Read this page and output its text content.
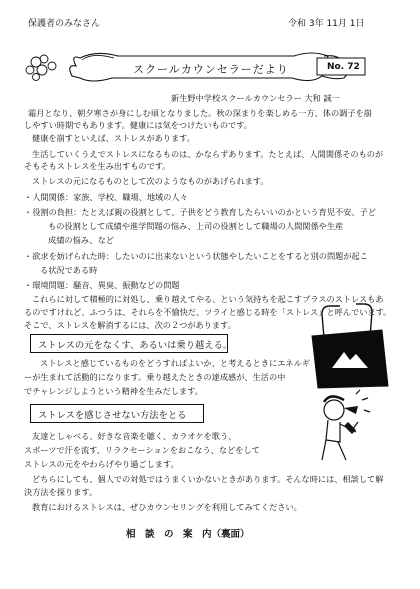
保護者のみなさん	令和 3年 11月 1日
スクールカウンセラーだより	No. 72
新生野中学校スクールカウンセラー 大和 誠一
霜月となり、朝夕寒さが身にしむ頃となりました。秋の深まりを楽しめる一方、体の調子を崩
しやすい時期でもあります。健康には気をつけたいものです。
健康を崩すといえば、ストレスがあります。
生活していくうえでストレスになるものは、かならずあります。たとえば、人間関係そのものが
そもそもストレスを生み出すものです。
ストレスの元になるものとして次のようなものがあげられます。
・人間関係：家族、学校、職場、地域の人々
・役割の負担：たとえば親の役割として、子供をどう教育したらいいのかという育児不安、子ど
もの役割として成績や進学問題の悩み、上司の役割として職場の人間関係や生産
成績の悩み、など
・欲求を妨げられた時：したいのに出来ないという状態やしたいことをすると別の問題が起こ
る状況である時
・環境問題：騒音、異臭、振動などの問題
これらに対して積極的に対処し、乗り越えてやる、という気持ちを起こすプラスのストレスもあ
るのですけれど、ふつうは、それらを不愉快だ、ツライと感じる時を「ストレス」と呼んでいます。
そこで、ストレスを解消するには、次の２つがあります。
ストレスの元をなくす、あるいは乗り越える。
ストレスと感じているものをどうすればよいか、と考えるときにエネルギ
ーが生まれて活動的になります。乗り越えたときの達成感が、生活の中
でチャレンジしようという精神を生みだします。
ストレスを感じさせない方法をとる
友達としゃべる、好きな音楽を聴く、カラオケを歌う、
スポーツで汗を流す、リラクセーションをおこなう、などをして
ストレスの元をやわらげやり過ごします。
どちらにしても、個人での対処ではうまくいかないときがあります。そんな時には、相談して解
決方法を探ります。
教育におけるストレスは、ぜひカウンセリングを利用してみてください。
相　談　の　案　内（裏面）
